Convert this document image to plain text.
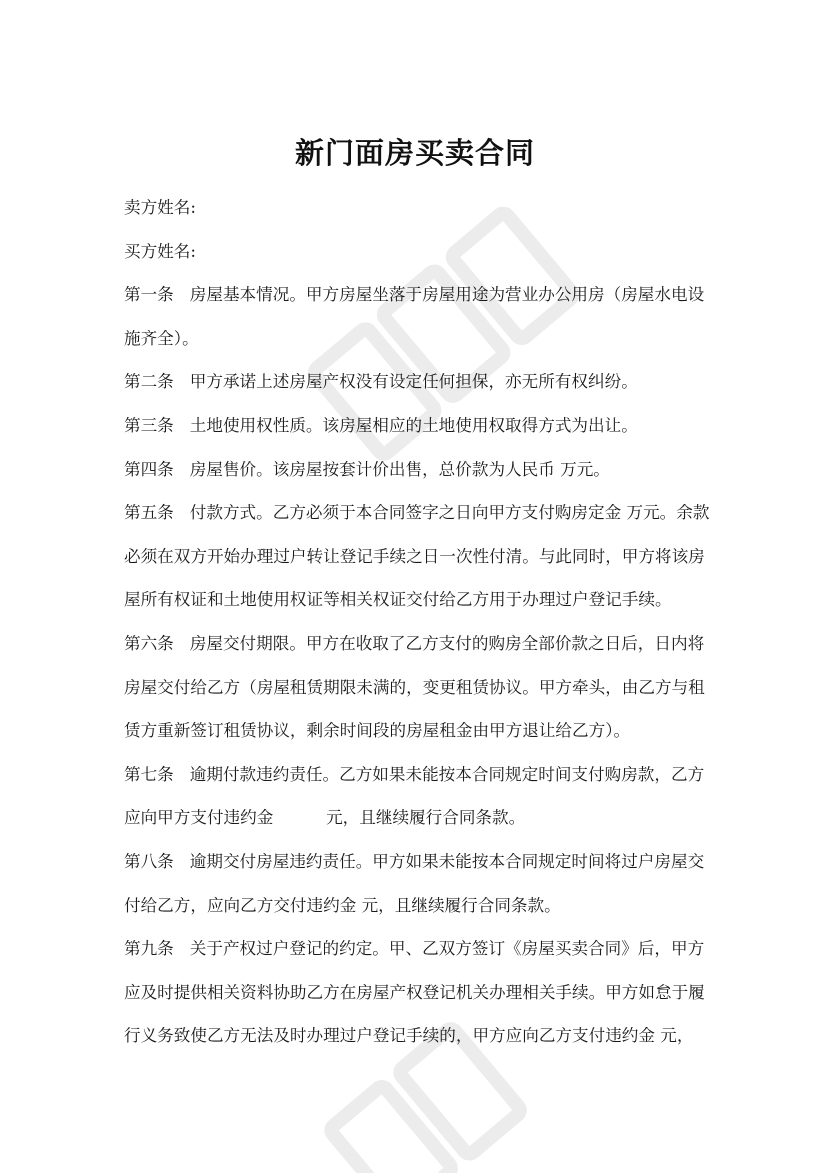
新门面房买卖合同

卖方姓名:

买方姓名:

第一条 房屋基本情况。甲方房屋坐落于房屋用途为营业办公用房（房屋水电设施齐全）。

第二条 甲方承诺上述房屋产权没有设定任何担保，亦无所有权纠纷。

第三条 土地使用权性质。该房屋相应的土地使用权取得方式为出让。

第四条 房屋售价。该房屋按套计价出售，总价款为人民币 万元。

第五条 付款方式。乙方必须于本合同签字之日向甲方支付购房定金 万元。余款必须在双方开始办理过户转让登记手续之日一次性付清。与此同时，甲方将该房屋所有权证和土地使用权证等相关权证交付给乙方用于办理过户登记手续。

第六条 房屋交付期限。甲方在收取了乙方支付的购房全部价款之日后，日内将房屋交付给乙方（房屋租赁期限未满的，变更租赁协议。甲方牵头，由乙方与租赁方重新签订租赁协议，剩余时间段的房屋租金由甲方退让给乙方）。

第七条 逾期付款违约责任。乙方如果未能按本合同规定时间支付购房款，乙方应向甲方支付违约金          元，且继续履行合同条款。

第八条 逾期交付房屋违约责任。甲方如果未能按本合同规定时间将过户房屋交付给乙方，应向乙方交付违约金 元，且继续履行合同条款。

第九条 关于产权过户登记的约定。甲、乙双方签订《房屋买卖合同》后，甲方应及时提供相关资料协助乙方在房屋产权登记机关办理相关手续。甲方如怠于履行义务致使乙方无法及时办理过户登记手续的，甲方应向乙方支付违约金 元，
